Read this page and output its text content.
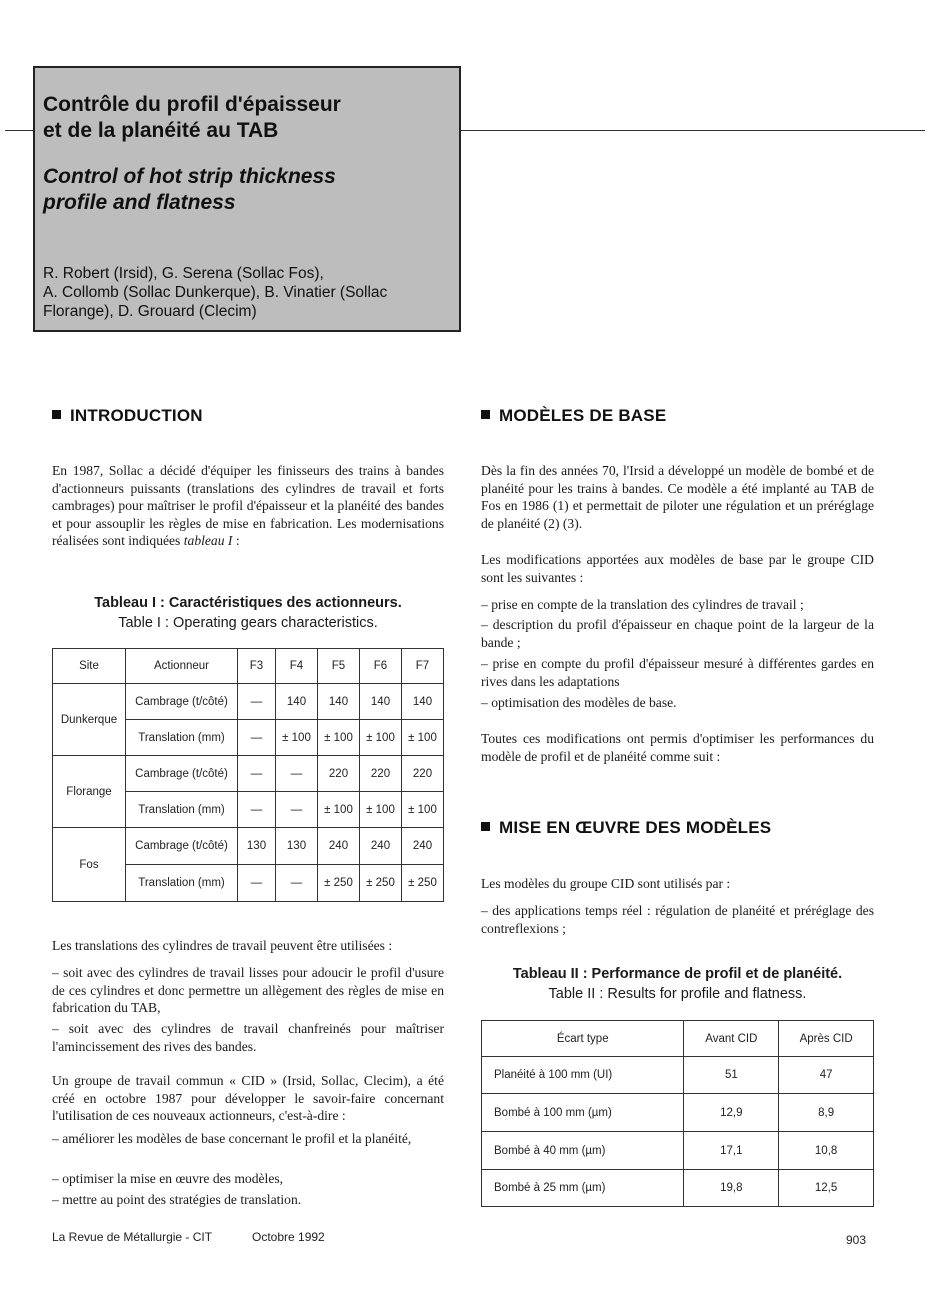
Contrôle du profil d'épaisseur
et de la planéité au TAB
Control of hot strip thickness
profile and flatness
R. Robert (Irsid), G. Serena (Sollac Fos),
A. Collomb (Sollac Dunkerque), B. Vinatier (Sollac
Florange), D. Grouard (Clecim)
INTRODUCTION

En 1987, Sollac a décidé d'équiper les finisseurs des trains à bandes d'actionneurs puissants (translations des cylindres de travail et forts cambrages) pour maîtriser le profil d'épaisseur et la planéité des bandes et pour assouplir les règles de mise en fabrication. Les modernisations réalisées sont indiquées tableau I :

Tableau I : Caractéristiques des actionneurs.
Table I : Operating gears characteristics.
Site	Actionneur	F3	F4	F5	F6	F7
Dunkerque	Cambrage (t/côté)	—	140	140	140	140
	Translation (mm)	—	± 100	± 100	± 100	± 100
Florange	Cambrage (t/côté)	—	—	220	220	220
	Translation (mm)	—	—	± 100	± 100	± 100
Fos	Cambrage (t/côté)	130	130	240	240	240
	Translation (mm)	—	—	± 250	± 250	± 250

Les translations des cylindres de travail peuvent être utilisées :

– soit avec des cylindres de travail lisses pour adoucir le profil d'usure de ces cylindres et donc permettre un allègement des règles de mise en fabrication du TAB,

– soit avec des cylindres de travail chanfreinés pour maîtriser l'amincissement des rives des bandes.

Un groupe de travail commun « CID » (Irsid, Sollac, Clecim), a été créé en octobre 1987 pour développer le savoir-faire concernant l'utilisation de ces nouveaux actionneurs, c'est-à-dire :

– améliorer les modèles de base concernant le profil et la planéité,

– optimiser la mise en œuvre des modèles,

– mettre au point des stratégies de translation.

MODÈLES DE BASE

Dès la fin des années 70, l'Irsid a développé un modèle de bombé et de planéité pour les trains à bandes. Ce modèle a été implanté au TAB de Fos en 1986 (1) et permettait de piloter une régulation et un préréglage de planéité (2) (3).

Les modifications apportées aux modèles de base par le groupe CID sont les suivantes :

– prise en compte de la translation des cylindres de travail ;

– description du profil d'épaisseur en chaque point de la largeur de la bande ;

– prise en compte du profil d'épaisseur mesuré à différentes gardes en rives dans les adaptations

– optimisation des modèles de base.

Toutes ces modifications ont permis d'optimiser les performances du modèle de profil et de planéité comme suit :

MISE EN ŒUVRE DES MODÈLES

Les modèles du groupe CID sont utilisés par :

– des applications temps réel : régulation de planéité et préréglage des contreflexions ;

Tableau II : Performance de profil et de planéité.
Table II : Results for profile and flatness.
Écart type	Avant CID	Après CID
Planéité à 100 mm (UI)	51	47
Bombé à 100 mm (µm)	12,9	8,9
Bombé à 40 mm (µm)	17,1	10,8
Bombé à 25 mm (µm)	19,8	12,5
La Revue de Métallurgie - CIT	Octobre 1992	903
